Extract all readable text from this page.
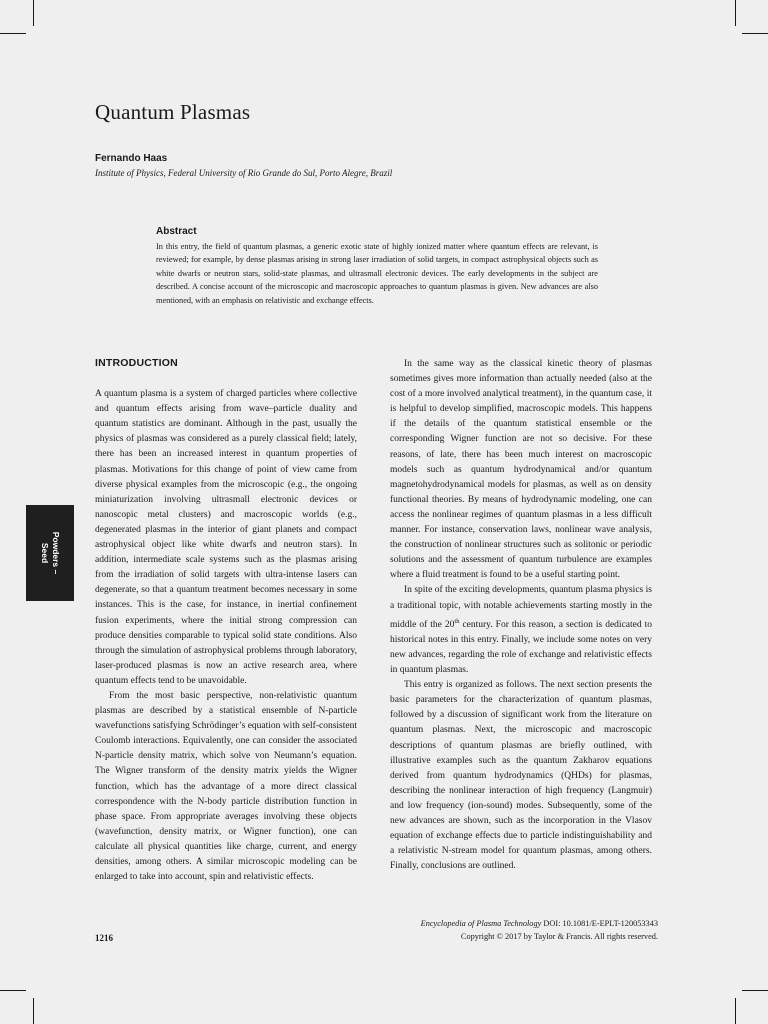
Quantum Plasmas
Fernando Haas
Institute of Physics, Federal University of Rio Grande do Sul, Porto Alegre, Brazil
Abstract

In this entry, the field of quantum plasmas, a generic exotic state of highly ionized matter where quantum effects are relevant, is reviewed; for example, by dense plasmas arising in strong laser irradiation of solid targets, in compact astrophysical objects such as white dwarfs or neutron stars, solid-state plasmas, and ultrasmall electronic devices. The early developments in the subject are described. A concise account of the microscopic and macroscopic approaches to quantum plasmas is given. New advances are also mentioned, with an emphasis on relativistic and exchange effects.

Powders –
Seed
INTRODUCTION

A quantum plasma is a system of charged particles where collective and quantum effects arising from wave–particle duality and quantum statistics are dominant. Although in the past, usually the physics of plasmas was considered as a purely classical field; lately, there has been an increased interest in quantum properties of plasmas. Motivations for this change of point of view came from diverse physical examples from the microscopic (e.g., the ongoing miniaturization involving ultrasmall electronic devices or nanoscopic metal clusters) and macroscopic worlds (e.g., degenerated plasmas in the interior of giant planets and compact astrophysical object like white dwarfs and neutron stars). In addition, intermediate scale systems such as the plasmas arising from the irradiation of solid targets with ultra-intense lasers can degenerate, so that a quantum treatment becomes necessary in some instances. This is the case, for instance, in inertial confinement fusion experiments, where the initial strong compression can produce densities comparable to typical solid state conditions. Also through the simulation of astrophysical problems through laboratory, laser-produced plasmas is now an active research area, where quantum effects tend to be unavoidable.

From the most basic perspective, non-relativistic quantum plasmas are described by a statistical ensemble of N-particle wavefunctions satisfying Schrödinger’s equation with self-consistent Coulomb interactions. Equivalently, one can consider the associated N-particle density matrix, which solve von Neumann’s equation. The Wigner transform of the density matrix yields the Wigner function, which has the advantage of a more direct classical correspondence with the N-body particle distribution function in phase space. From appropriate averages involving these objects (wavefunction, density matrix, or Wigner function), one can calculate all physical quantities like charge, current, and energy densities, among others. A similar microscopic modeling can be enlarged to take into account, spin and relativistic effects.

In the same way as the classical kinetic theory of plasmas sometimes gives more information than actually needed (also at the cost of a more involved analytical treatment), in the quantum case, it is helpful to develop simplified, macroscopic models. This happens if the details of the quantum statistical ensemble or the corresponding Wigner function are not so decisive. For these reasons, of late, there has been much interest on macroscopic models such as quantum hydrodynamical and/or quantum magnetohydrodynamical models for plasmas, as well as on density functional theories. By means of hydrodynamic modeling, one can access the nonlinear regimes of quantum plasmas in a less difficult manner. For instance, conservation laws, nonlinear wave analysis, the construction of nonlinear structures such as solitonic or periodic solutions and the assessment of quantum turbulence are examples where a fluid treatment is found to be a useful starting point.

In spite of the exciting developments, quantum plasma physics is a traditional topic, with notable achievements starting mostly in the middle of the 20th century. For this reason, a section is dedicated to historical notes in this entry. Finally, we include some notes on very new advances, regarding the role of exchange and relativistic effects in quantum plasmas.

This entry is organized as follows. The next section presents the basic parameters for the characterization of quantum plasmas, followed by a discussion of significant work from the literature on quantum plasmas. Next, the microscopic and macroscopic descriptions of quantum plasmas are briefly outlined, with illustrative examples such as the quantum Zakharov equations derived from quantum hydrodynamics (QHDs) for plasmas, describing the nonlinear interaction of high frequency (Langmuir) and low frequency (ion-sound) modes. Subsequently, some of the new advances are shown, such as the incorporation in the Vlasov equation of exchange effects due to particle indistinguishability and a relativistic N-stream model for quantum plasmas, among others. Finally, conclusions are outlined.

Encyclopedia of Plasma Technology DOI: 10.1081/E-EPLT-120053343
Copyright © 2017 by Taylor & Francis. All rights reserved.
1216
